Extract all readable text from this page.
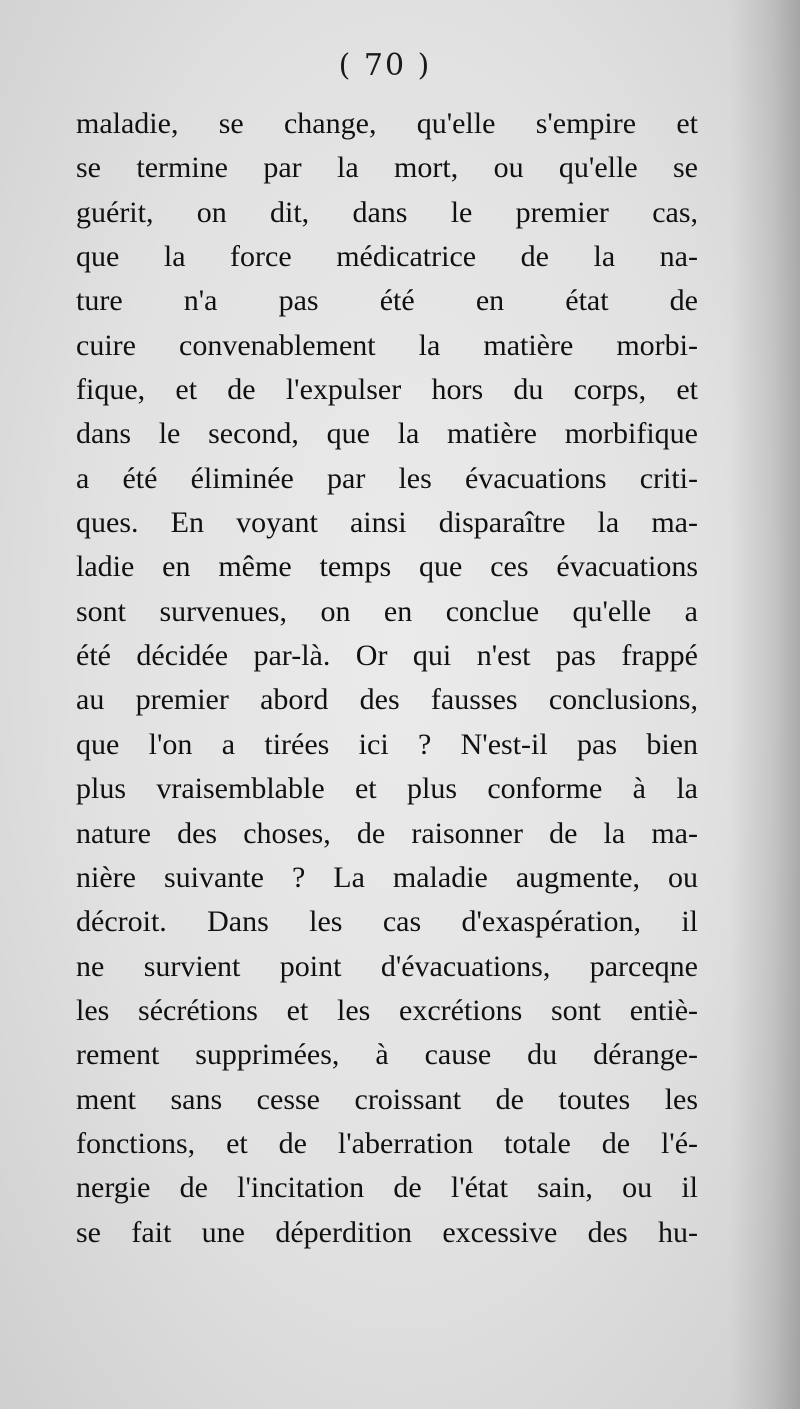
( 70 )
maladie, se change, qu'elle s'empire et
se termine par la mort, ou qu'elle se
guérit, on dit, dans le premier cas,
que la force médicatrice de la na-
ture n'a pas été en état de
cuire convenablement la matière morbi-
fique, et de l'expulser hors du corps, et
dans le second, que la matière morbifique
a été éliminée par les évacuations criti-
ques. En voyant ainsi disparaître la ma-
ladie en même temps que ces évacuations
sont survenues, on en conclue qu'elle a
été décidée par-là. Or qui n'est pas frappé
au premier abord des fausses conclusions,
que l'on a tirées ici ? N'est-il pas bien
plus vraisemblable et plus conforme à la
nature des choses, de raisonner de la ma-
nière suivante ? La maladie augmente, ou
décroit. Dans les cas d'exaspération, il
ne survient point d'évacuations, parceqne
les sécrétions et les excrétions sont entiè-
rement supprimées, à cause du dérange-
ment sans cesse croissant de toutes les
fonctions, et de l'aberration totale de l'é-
nergie de l'incitation de l'état sain, ou il
se fait une déperdition excessive des hu-
